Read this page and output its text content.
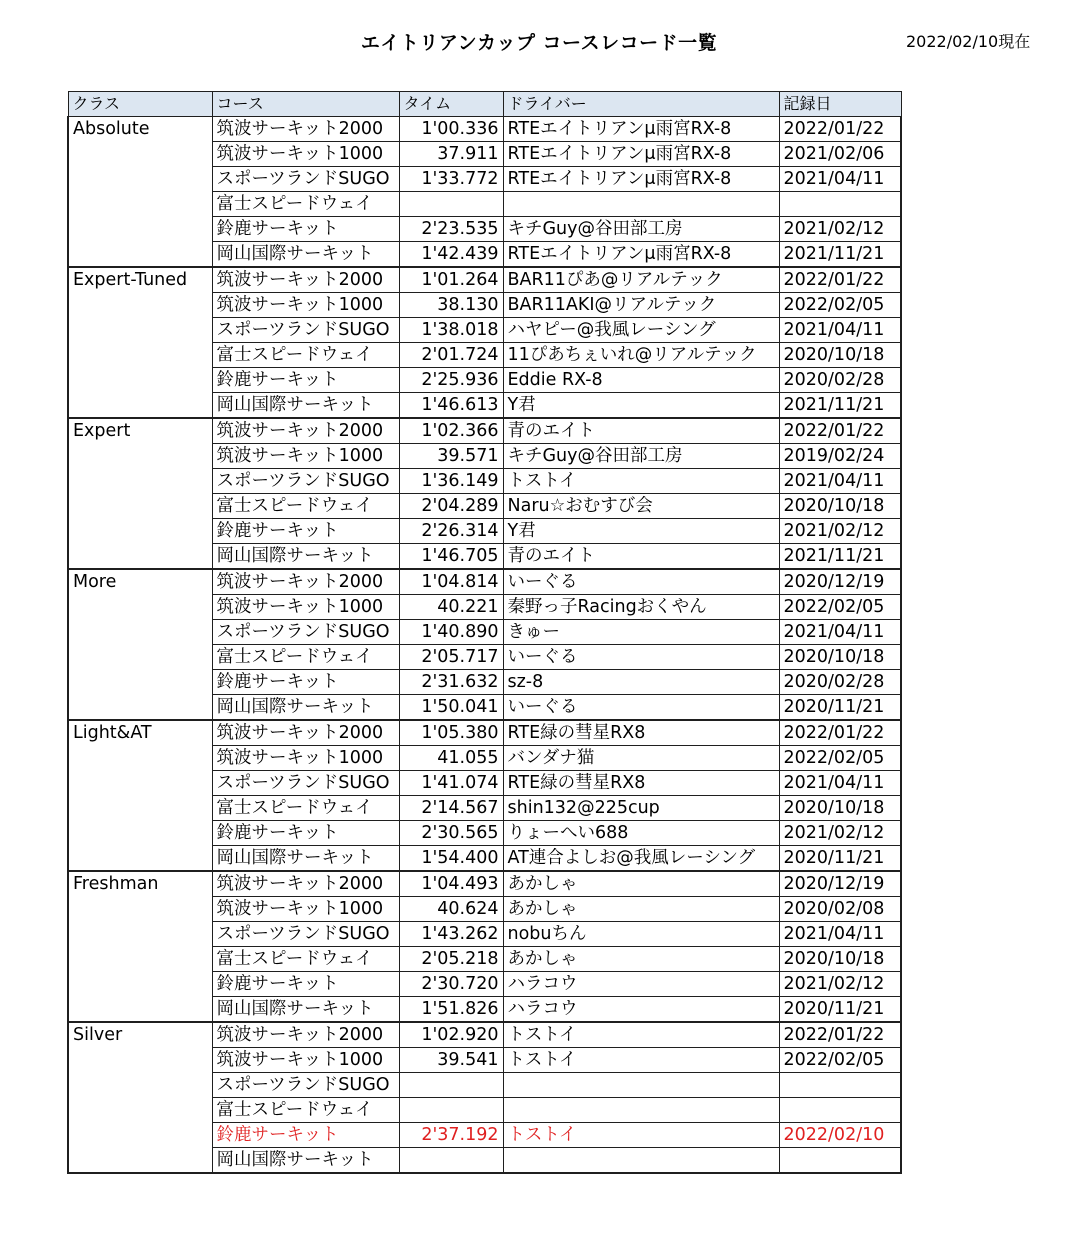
エイトリアンカップ コースレコード一覧	2022/02/10現在
クラス	コース	タイム	ドライバー	記録日
Absolute	筑波サーキット2000	1'00.336	RTEエイトリアンμ雨宮RX-8	2022/01/22
	筑波サーキット1000	37.911	RTEエイトリアンμ雨宮RX-8	2021/02/06
	スポーツランドSUGO	1'33.772	RTEエイトリアンμ雨宮RX-8	2021/04/11
	富士スピードウェイ			
	鈴鹿サーキット	2'23.535	キチGuy@谷田部工房	2021/02/12
	岡山国際サーキット	1'42.439	RTEエイトリアンμ雨宮RX-8	2021/11/21
Expert-Tuned	筑波サーキット2000	1'01.264	BAR11ぴあ@リアルテック	2022/01/22
	筑波サーキット1000	38.130	BAR11AKI@リアルテック	2022/02/05
	スポーツランドSUGO	1'38.018	ハヤピー@我風レーシング	2021/04/11
	富士スピードウェイ	2'01.724	11ぴあちぇいれ@リアルテック	2020/10/18
	鈴鹿サーキット	2'25.936	Eddie RX-8	2020/02/28
	岡山国際サーキット	1'46.613	Y君	2021/11/21
Expert	筑波サーキット2000	1'02.366	青のエイト	2022/01/22
	筑波サーキット1000	39.571	キチGuy@谷田部工房	2019/02/24
	スポーツランドSUGO	1'36.149	トストイ	2021/04/11
	富士スピードウェイ	2'04.289	Naru☆おむすび会	2020/10/18
	鈴鹿サーキット	2'26.314	Y君	2021/02/12
	岡山国際サーキット	1'46.705	青のエイト	2021/11/21
More	筑波サーキット2000	1'04.814	いーぐる	2020/12/19
	筑波サーキット1000	40.221	秦野っ子Racingおくやん	2022/02/05
	スポーツランドSUGO	1'40.890	きゅー	2021/04/11
	富士スピードウェイ	2'05.717	いーぐる	2020/10/18
	鈴鹿サーキット	2'31.632	sz-8	2020/02/28
	岡山国際サーキット	1'50.041	いーぐる	2020/11/21
Light&AT	筑波サーキット2000	1'05.380	RTE緑の彗星RX8	2022/01/22
	筑波サーキット1000	41.055	バンダナ猫	2022/02/05
	スポーツランドSUGO	1'41.074	RTE緑の彗星RX8	2021/04/11
	富士スピードウェイ	2'14.567	shin132@225cup	2020/10/18
	鈴鹿サーキット	2'30.565	りょーへい688	2021/02/12
	岡山国際サーキット	1'54.400	AT連合よしお@我風レーシング	2020/11/21
Freshman	筑波サーキット2000	1'04.493	あかしゃ	2020/12/19
	筑波サーキット1000	40.624	あかしゃ	2020/02/08
	スポーツランドSUGO	1'43.262	nobuちん	2021/04/11
	富士スピードウェイ	2'05.218	あかしゃ	2020/10/18
	鈴鹿サーキット	2'30.720	ハラコウ	2021/02/12
	岡山国際サーキット	1'51.826	ハラコウ	2020/11/21
Silver	筑波サーキット2000	1'02.920	トストイ	2022/01/22
	筑波サーキット1000	39.541	トストイ	2022/02/05
	スポーツランドSUGO			
	富士スピードウェイ			
	鈴鹿サーキット	2'37.192	トストイ	2022/02/10
	岡山国際サーキット			
